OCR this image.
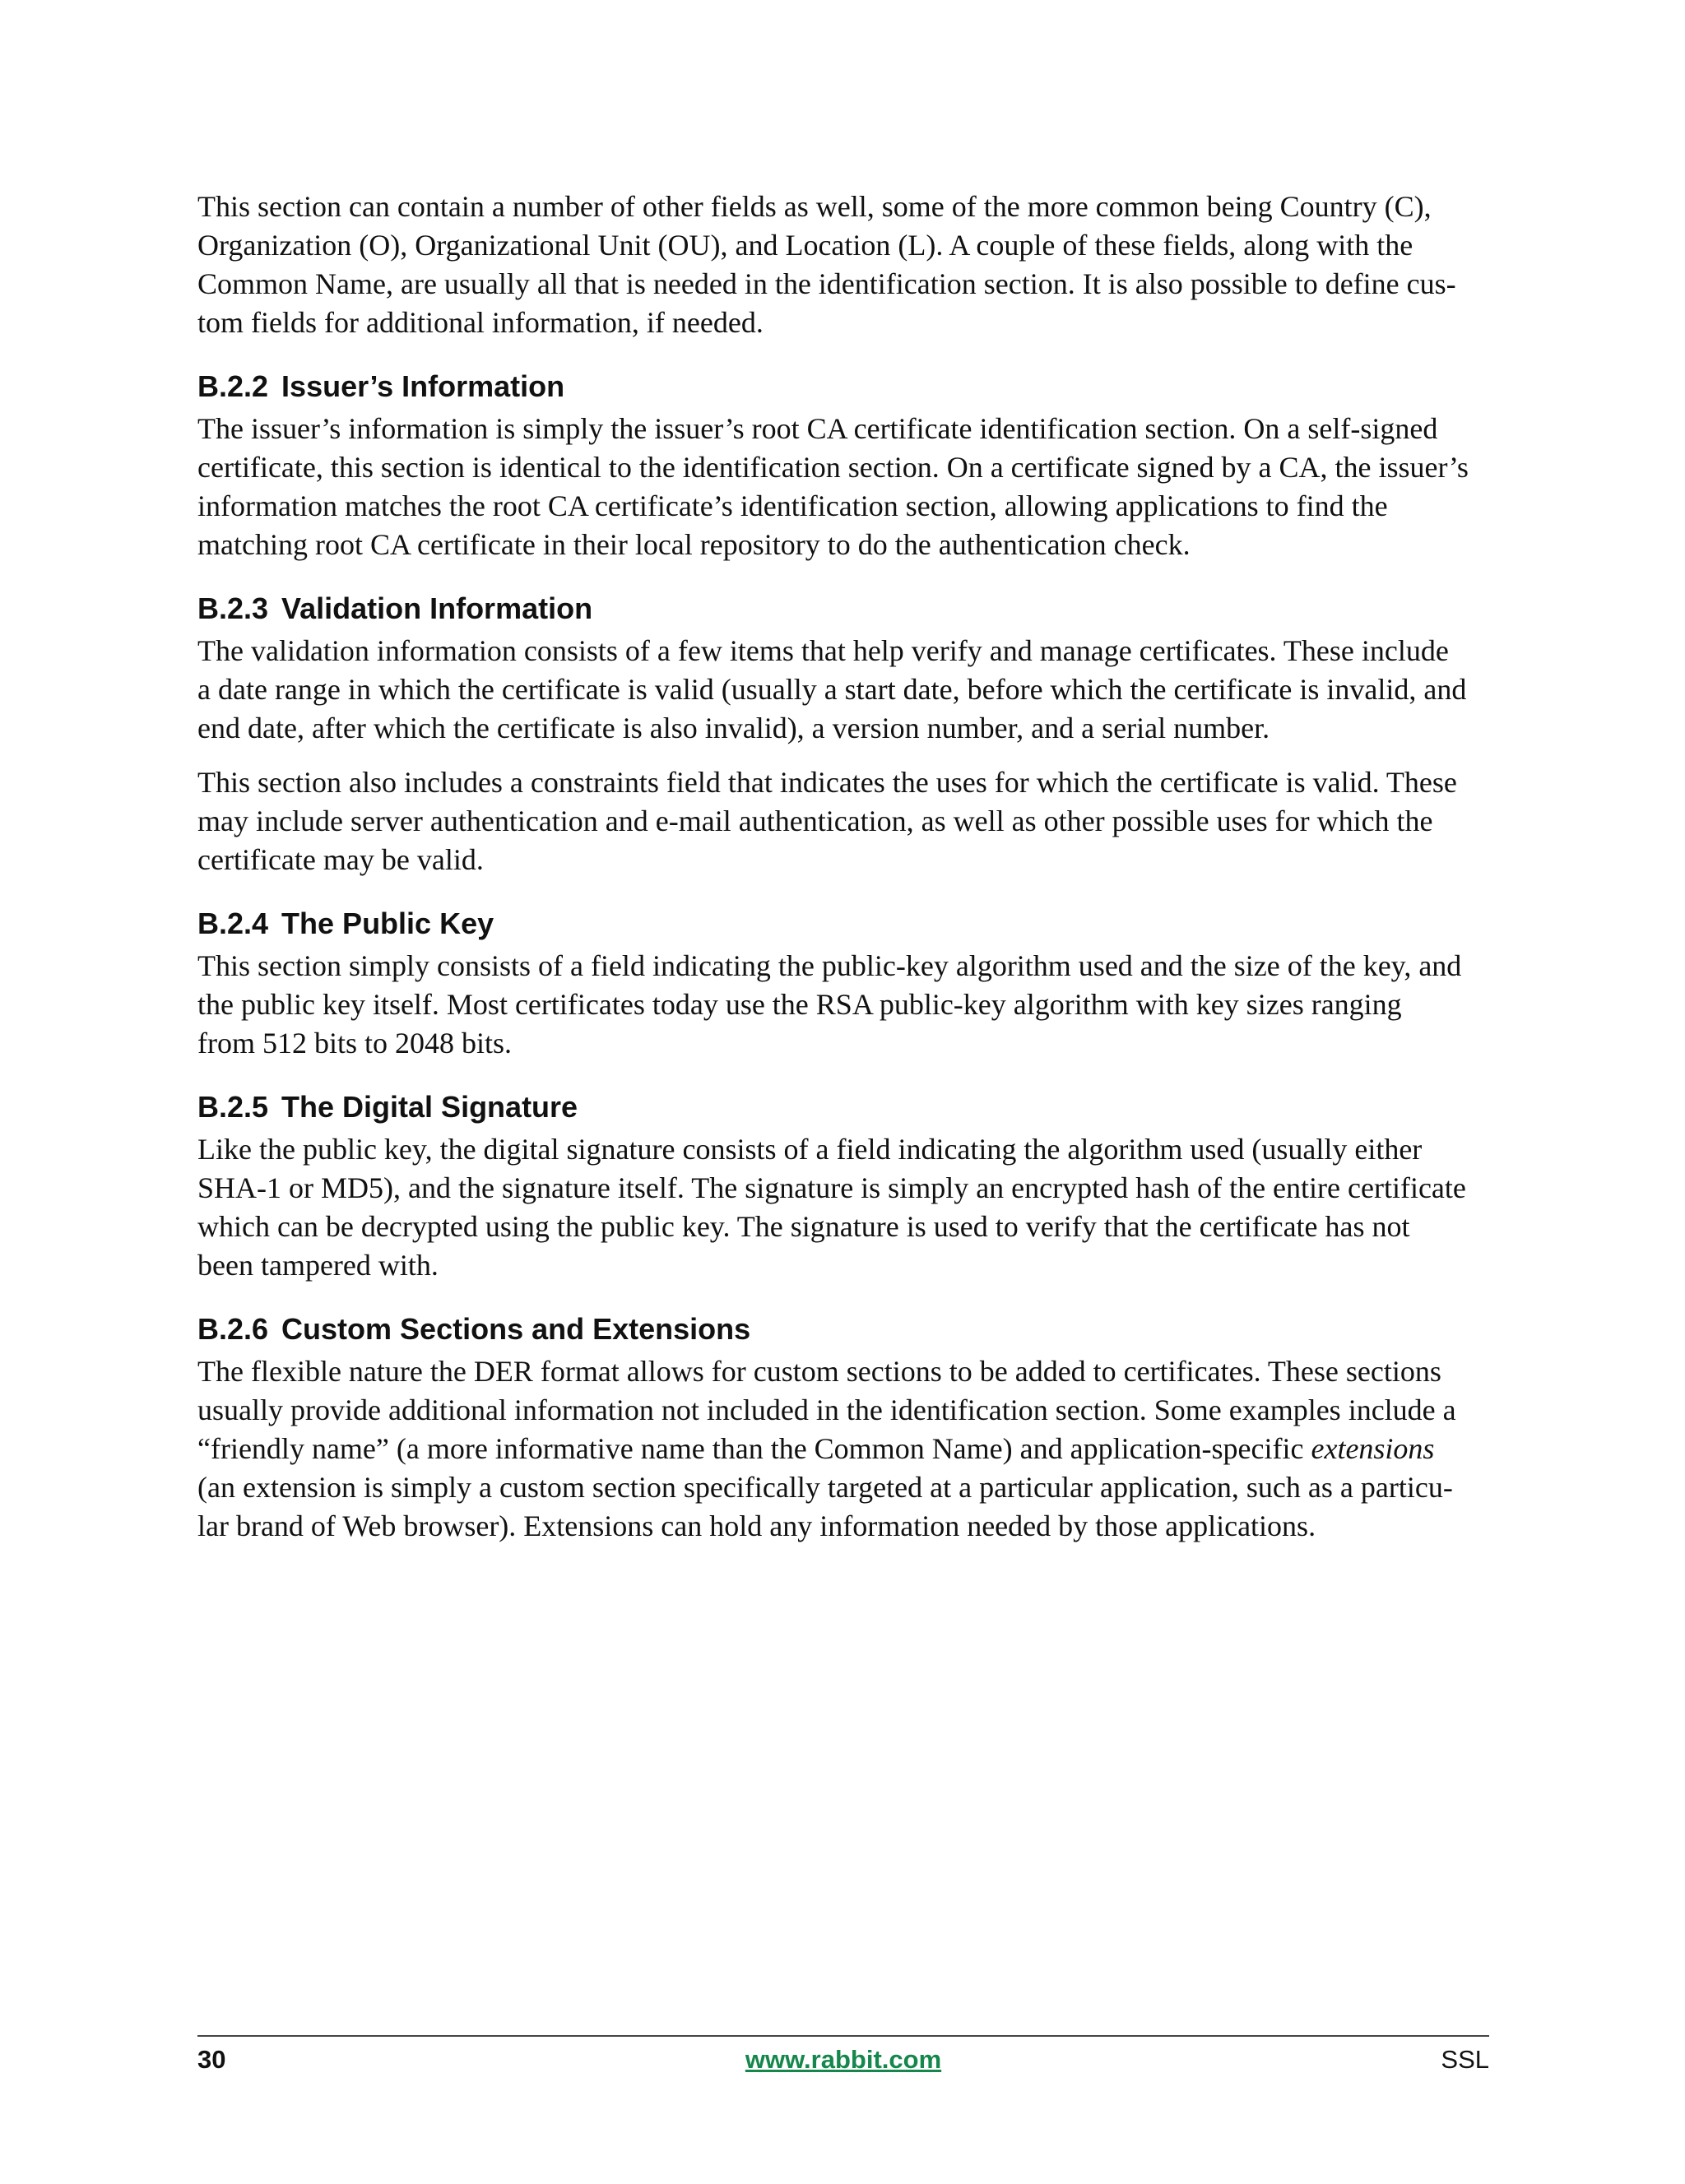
This section can contain a number of other fields as well, some of the more common being Country (C),
Organization (O), Organizational Unit (OU), and Location (L). A couple of these fields, along with the
Common Name, are usually all that is needed in the identification section. It is also possible to define cus-
tom fields for additional information, if needed.

B.2.2 Issuer’s Information

The issuer’s information is simply the issuer’s root CA certificate identification section. On a self-signed
certificate, this section is identical to the identification section. On a certificate signed by a CA, the issuer’s
information matches the root CA certificate’s identification section, allowing applications to find the
matching root CA certificate in their local repository to do the authentication check.

B.2.3 Validation Information

The validation information consists of a few items that help verify and manage certificates. These include
a date range in which the certificate is valid (usually a start date, before which the certificate is invalid, and
end date, after which the certificate is also invalid), a version number, and a serial number.

This section also includes a constraints field that indicates the uses for which the certificate is valid. These
may include server authentication and e-mail authentication, as well as other possible uses for which the
certificate may be valid.

B.2.4 The Public Key

This section simply consists of a field indicating the public-key algorithm used and the size of the key, and
the public key itself. Most certificates today use the RSA public-key algorithm with key sizes ranging
from 512 bits to 2048 bits.

B.2.5 The Digital Signature

Like the public key, the digital signature consists of a field indicating the algorithm used (usually either
SHA-1 or MD5), and the signature itself. The signature is simply an encrypted hash of the entire certificate
which can be decrypted using the public key. The signature is used to verify that the certificate has not
been tampered with.

B.2.6 Custom Sections and Extensions

The flexible nature the DER format allows for custom sections to be added to certificates. These sections
usually provide additional information not included in the identification section. Some examples include a
“friendly name” (a more informative name than the Common Name) and application-specific extensions
(an extension is simply a custom section specifically targeted at a particular application, such as a particu-
lar brand of Web browser). Extensions can hold any information needed by those applications.

30	www.rabbit.com	SSL
